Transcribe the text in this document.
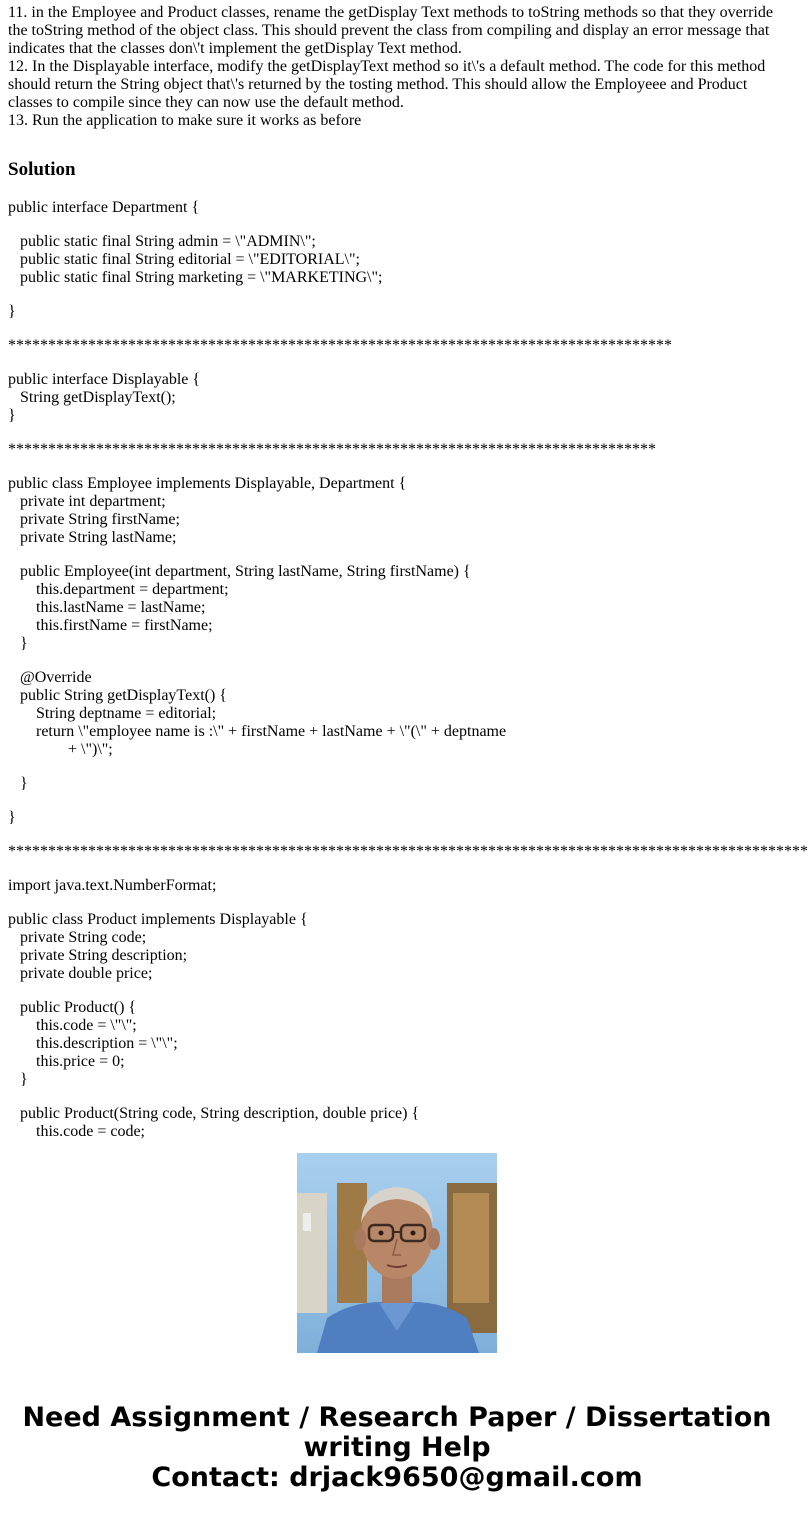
11. in the Employee and Product classes, rename the getDisplay Text methods to toString methods so that they override the toString method of the object class. This should prevent the class from compiling and display an error message that indicates that the classes don\'t implement the getDisplay Text method.

12. In the Displayable interface, modify the getDisplayText method so it\'s a default method. The code for this method should return the String object that\'s returned by the tosting method. This should allow the Employeee and Product classes to compile since they can now use the default method.

13. Run the application to make sure it works as before

Solution
public interface Department {
public static final String admin = \"ADMIN\";
public static final String editorial = \"EDITORIAL\";
public static final String marketing = \"MARKETING\";
}
***********************************************************************************
public interface Displayable {
String getDisplayText();
}
*********************************************************************************
public class Employee implements Displayable, Department {
private int department;
private String firstName;
private String lastName;
public Employee(int department, String lastName, String firstName) {
this.department = department;
this.lastName = lastName;
this.firstName = firstName;
}
@Override
public String getDisplayText() {
String deptname = editorial;
return \"employee name is :\" + firstName + lastName + \"(\" + deptname
+ \")\";
}
}
****************************************************************************************************
import java.text.NumberFormat;
public class Product implements Displayable {
private String code;
private String description;
private double price;
public Product() {
this.code = \"\";
this.description = \"\";
this.price = 0;
}
public Product(String code, String description, double price) {
this.code = code;
Need Assignment / Research Paper / Dissertation
writing Help
Contact: drjack9650@gmail.com
